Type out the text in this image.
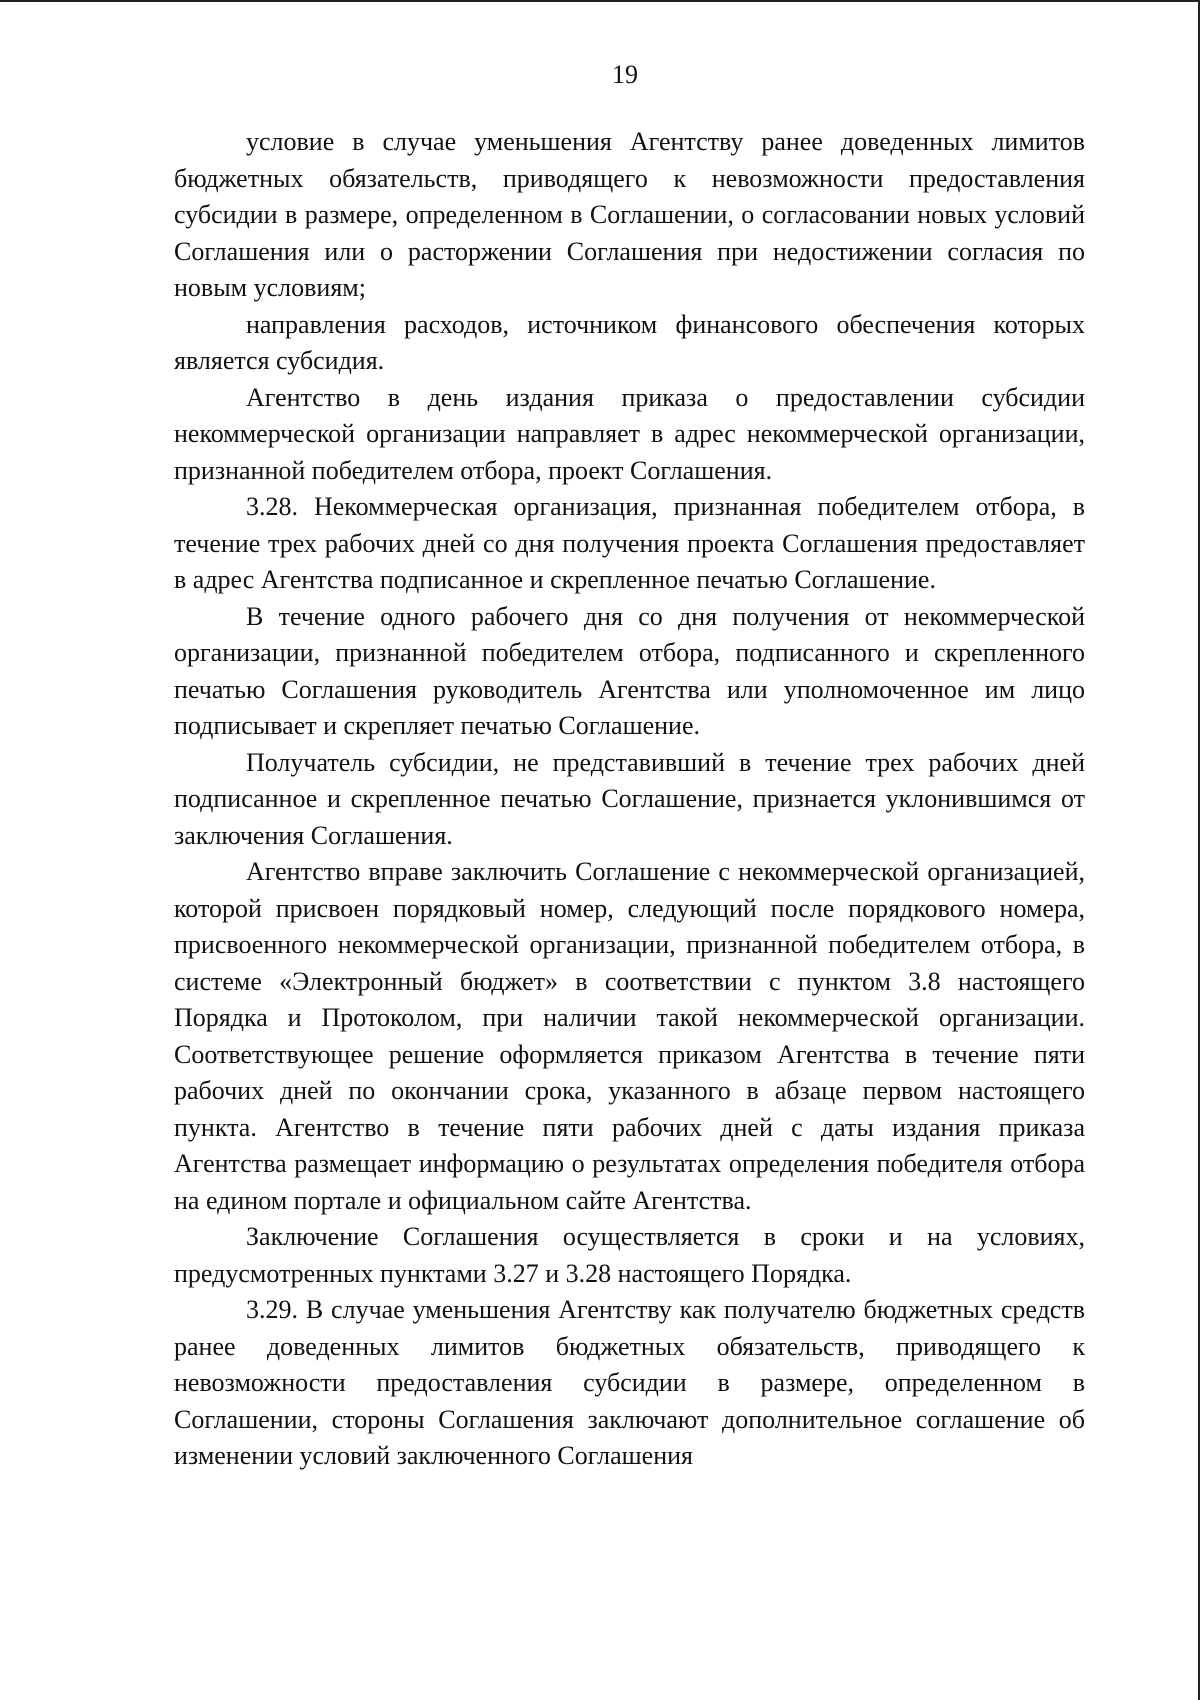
19

условие в случае уменьшения Агентству ранее доведенных лимитов бюджетных обязательств, приводящего к невозможности предоставления субсидии в размере, определенном в Соглашении, о согласовании новых условий Соглашения или о расторжении Соглашения при недостижении согласия по новым условиям;

направления расходов, источником финансового обеспечения которых является субсидия.

Агентство в день издания приказа о предоставлении субсидии некоммерческой организации направляет в адрес некоммерческой организации, признанной победителем отбора, проект Соглашения.

3.28. Некоммерческая организация, признанная победителем отбора, в течение трех рабочих дней со дня получения проекта Соглашения предоставляет в адрес Агентства подписанное и скрепленное печатью Соглашение.

В течение одного рабочего дня со дня получения от некоммерческой организации, признанной победителем отбора, подписанного и скрепленного печатью Соглашения руководитель Агентства или уполномоченное им лицо подписывает и скрепляет печатью Соглашение.

Получатель субсидии, не представивший в течение трех рабочих дней подписанное и скрепленное печатью Соглашение, признается уклонившимся от заключения Соглашения.

Агентство вправе заключить Соглашение с некоммерческой организацией, которой присвоен порядковый номер, следующий после порядкового номера, присвоенного некоммерческой организации, признанной победителем отбора, в системе «Электронный бюджет» в соответствии с пунктом 3.8 настоящего Порядка и Протоколом, при наличии такой некоммерческой организации. Соответствующее решение оформляется приказом Агентства в течение пяти рабочих дней по окончании срока, указанного в абзаце первом настоящего пункта. Агентство в течение пяти рабочих дней с даты издания приказа Агентства размещает информацию о результатах определения победителя отбора на едином портале и официальном сайте Агентства.

Заключение Соглашения осуществляется в сроки и на условиях, предусмотренных пунктами 3.27 и 3.28 настоящего Порядка.

3.29. В случае уменьшения Агентству как получателю бюджетных средств ранее доведенных лимитов бюджетных обязательств, приводящего к невозможности предоставления субсидии в размере, определенном в Соглашении, стороны Соглашения заключают дополнительное соглашение об изменении условий заключенного Соглашения
